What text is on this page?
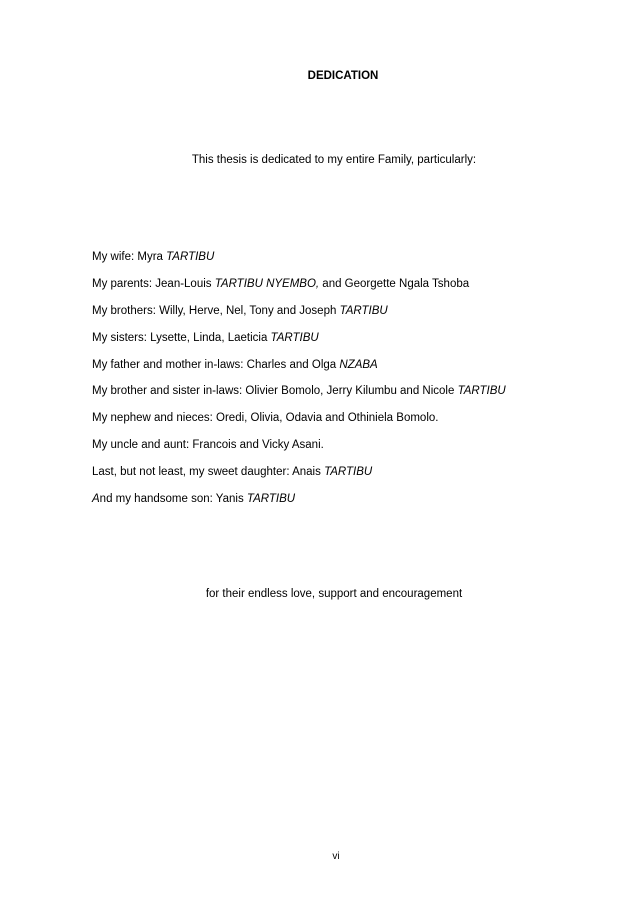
DEDICATION
This thesis is dedicated to my entire Family, particularly:
My wife: Myra TARTIBU
My parents: Jean-Louis TARTIBU NYEMBO, and Georgette Ngala Tshoba
My brothers: Willy, Herve, Nel, Tony and Joseph TARTIBU
My sisters: Lysette, Linda, Laeticia TARTIBU
My father and mother in-laws: Charles and Olga NZABA
My brother and sister in-laws: Olivier Bomolo, Jerry Kilumbu and Nicole TARTIBU
My nephew and nieces: Oredi, Olivia, Odavia and Othiniela Bomolo.
My uncle and aunt: Francois and Vicky Asani.
Last, but not least, my sweet daughter: Anais TARTIBU
And my handsome son: Yanis TARTIBU
for their endless love, support and encouragement
vi
